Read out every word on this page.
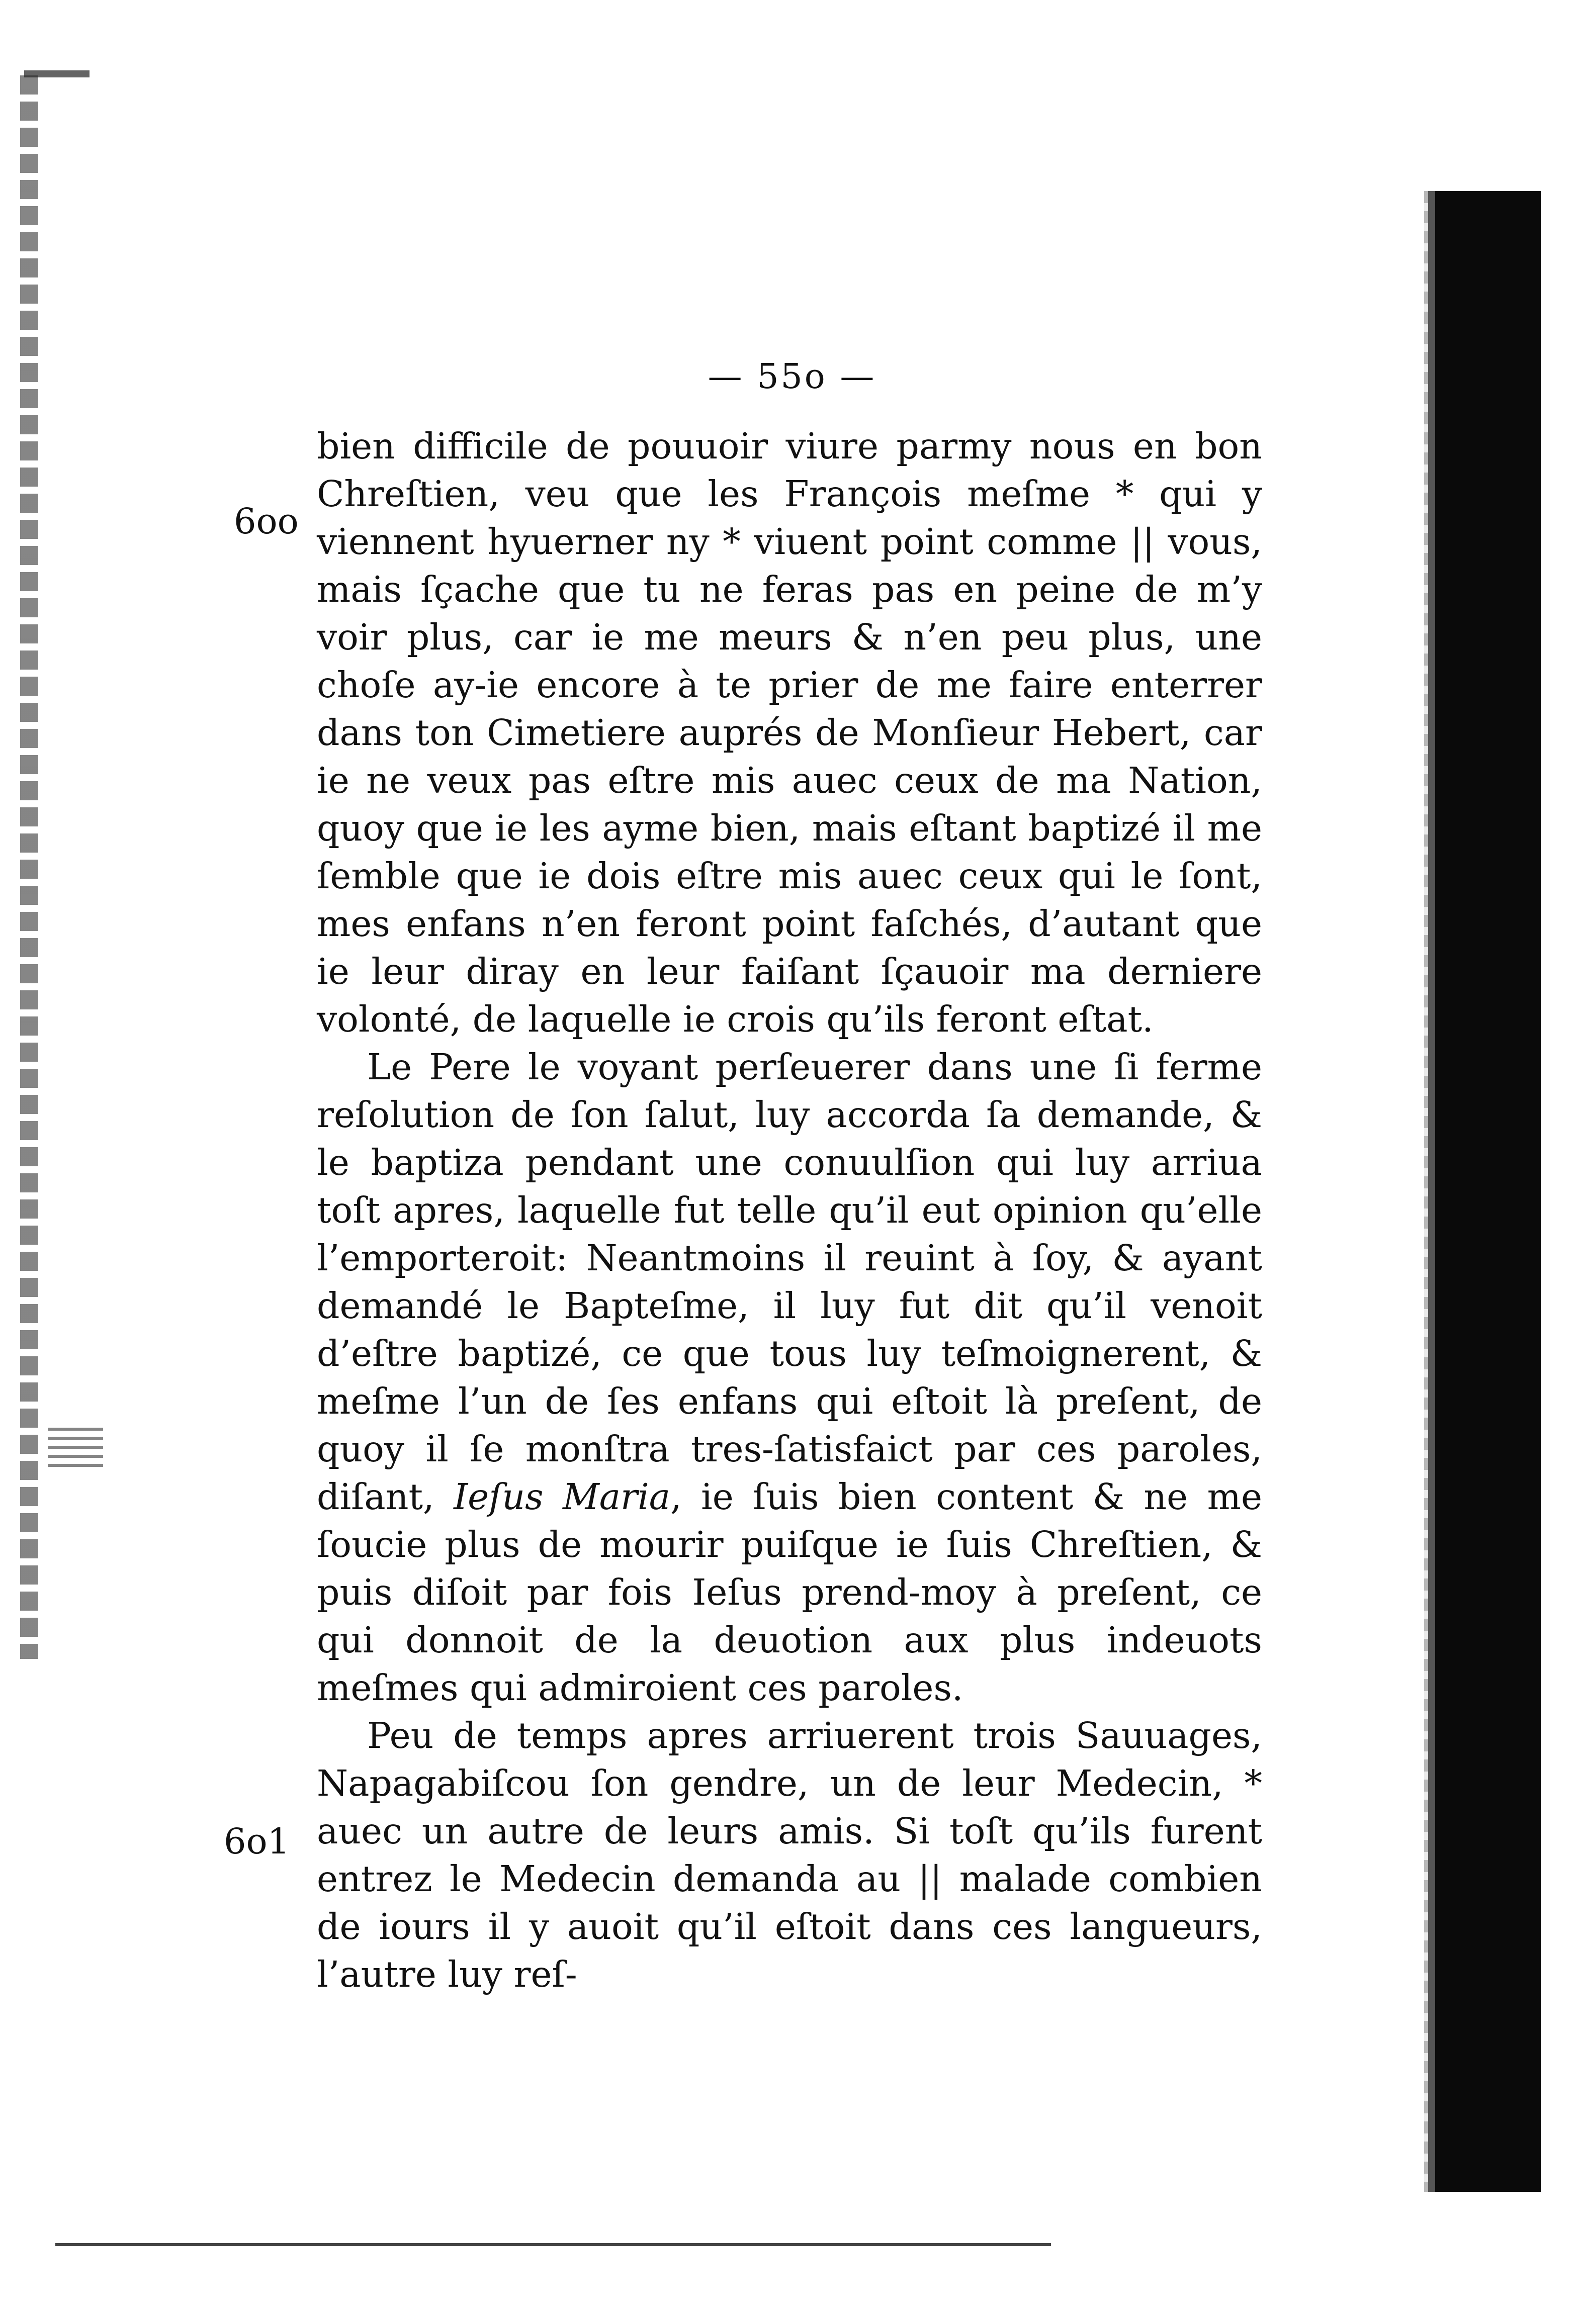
— 55o —
6oo
6o1

bien difficile de pouuoir viure parmy nous en bon Chreſtien, veu que les François meſme * qui y viennent hyuerner ny * viuent point comme || vous, mais ſçache que tu ne feras pas en peine de m’y voir plus, car ie me meurs & n’en peu plus, une choſe ay-ie encore à te prier de me faire enterrer dans ton Cimetiere auprés de Monſieur Hebert, car ie ne veux pas eſtre mis auec ceux de ma Nation, quoy que ie les ayme bien, mais eſtant baptizé il me ſemble que ie dois eſtre mis auec ceux qui le ſont, mes enfans n’en feront point faſchés, d’autant que ie leur diray en leur faiſant ſçauoir ma derniere volonté, de laquelle ie crois qu’ils feront eſtat.

Le Pere le voyant perſeuerer dans une ſi ferme reſolution de ſon ſalut, luy accorda ſa demande, & le baptiza pendant une conuulſion qui luy arriua toſt apres, laquelle fut telle qu’il eut opinion qu’elle l’emporteroit: Neantmoins il reuint à ſoy, & ayant demandé le Bapteſme, il luy fut dit qu’il venoit d’eſtre baptizé, ce que tous luy teſmoignerent, & meſme l’un de ſes enfans qui eſtoit là preſent, de quoy il ſe monſtra tres-ſatisfaict par ces paroles, diſant, Ieſus Maria, ie ſuis bien content & ne me ſoucie plus de mourir puiſque ie ſuis Chreſtien, & puis diſoit par fois Ieſus prend-moy à preſent, ce qui donnoit de la deuotion aux plus indeuots meſmes qui admiroient ces paroles.

Peu de temps apres arriuerent trois Sauuages, Napagabiſcou ſon gendre, un de leur Medecin, * auec un autre de leurs amis. Si toſt qu’ils furent entrez le Medecin demanda au || malade combien de iours il y auoit qu’il eſtoit dans ces langueurs, l’autre luy reſ-
